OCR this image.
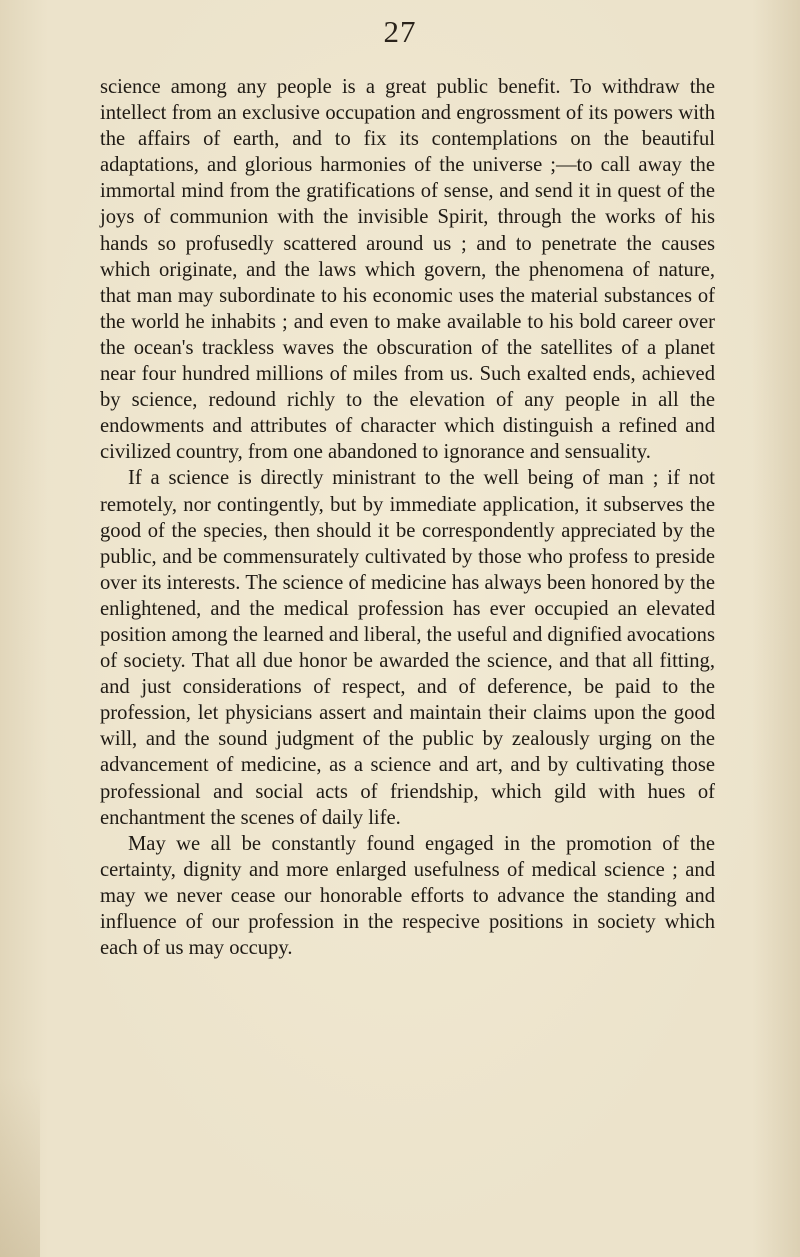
27

science among any people is a great public benefit. To withdraw the intellect from an exclusive occupation and engrossment of its powers with the affairs of earth, and to fix its contemplations on the beautiful adaptations, and glorious harmonies of the universe ;—to call away the immortal mind from the gratifications of sense, and send it in quest of the joys of communion with the invisible Spirit, through the works of his hands so profusedly scattered around us ; and to penetrate the causes which originate, and the laws which govern, the phenomena of nature, that man may subordinate to his economic uses the material substances of the world he inhabits ; and even to make available to his bold career over the ocean's trackless waves the obscuration of the satellites of a planet near four hundred millions of miles from us. Such exalted ends, achieved by science, redound richly to the elevation of any people in all the endowments and attributes of character which distinguish a refined and civilized country, from one abandoned to ignorance and sensuality.

If a science is directly ministrant to the well being of man ; if not remotely, nor contingently, but by immediate application, it subserves the good of the species, then should it be correspondently appreciated by the public, and be commensurately cultivated by those who profess to preside over its interests. The science of medicine has always been honored by the enlightened, and the medical profession has ever occupied an elevated position among the learned and liberal, the useful and dignified avocations of society. That all due honor be awarded the science, and that all fitting, and just considerations of respect, and of deference, be paid to the profession, let physicians assert and maintain their claims upon the good will, and the sound judgment of the public by zealously urging on the advancement of medicine, as a science and art, and by cultivating those professional and social acts of friendship, which gild with hues of enchantment the scenes of daily life.

May we all be constantly found engaged in the promotion of the certainty, dignity and more enlarged usefulness of medical science ; and may we never cease our honorable efforts to advance the standing and influence of our profession in the respecive positions in society which each of us may occupy.
